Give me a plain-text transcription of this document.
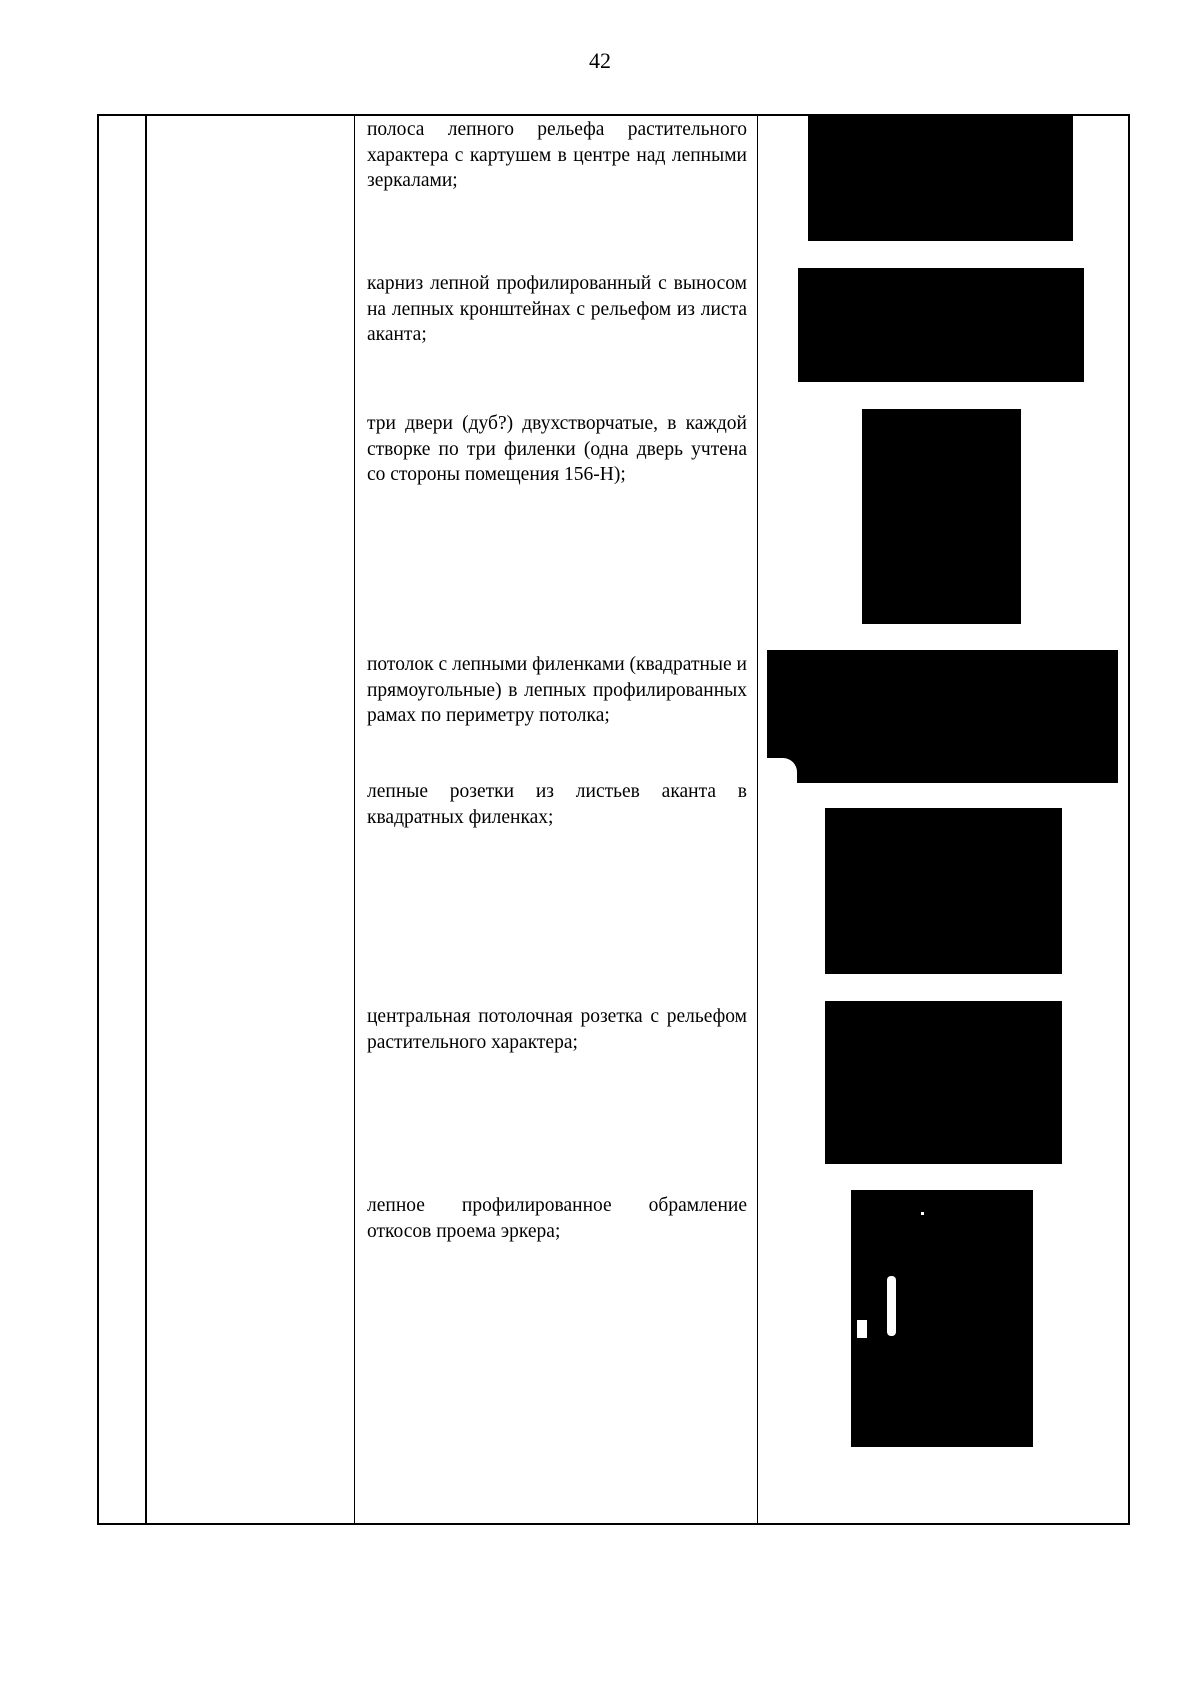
42
полоса лепного рельефа растительного характера с картушем в центре над лепными зеркалами;
карниз лепной профилированный с выносом на лепных кронштейнах с рельефом из листа аканта;
три двери (дуб?) двухстворчатые, в каждой створке по три филенки (одна дверь учтена со стороны помещения 156-Н);
потолок с лепными филенками (квадратные и прямоугольные) в лепных профилированных рамах по периметру потолка;
лепные розетки из листьев аканта в квадратных филенках;
центральная потолочная розетка с рельефом растительного характера;
лепное профилированное обрамление откосов проема эркера;
